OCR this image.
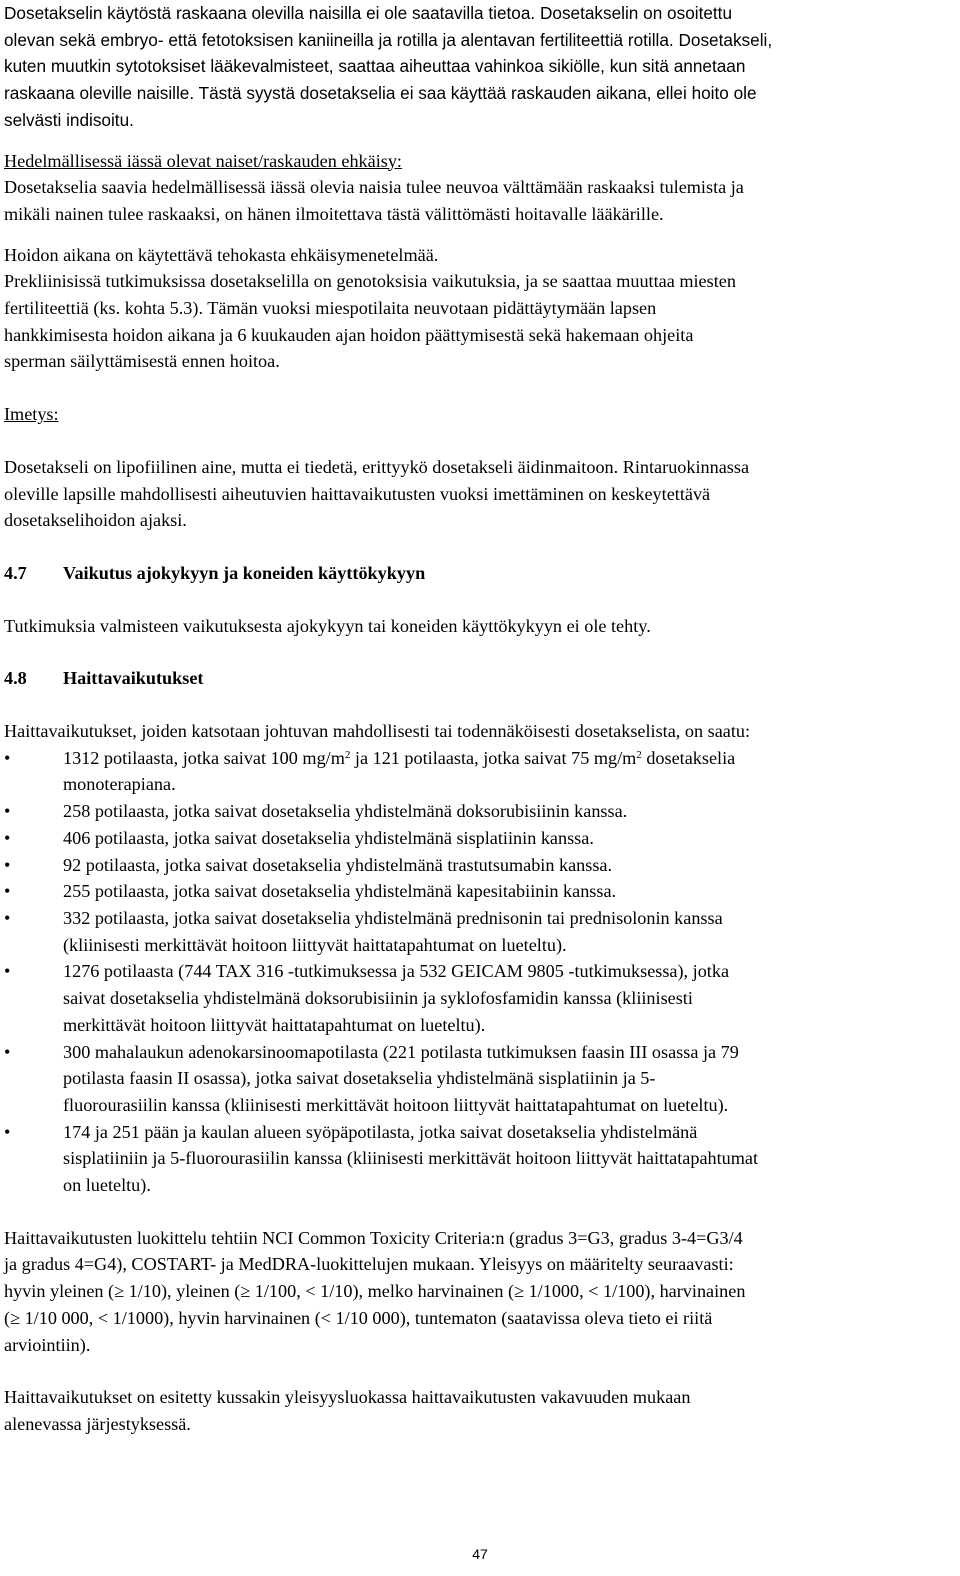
Dosetakselin käytöstä raskaana olevilla naisilla ei ole saatavilla tietoa. Dosetakselin on osoitettu

olevan sekä embryo- että fetotoksisen kaniineilla ja rotilla ja alentavan fertiliteettiä rotilla. Dosetakseli,

kuten muutkin sytotoksiset lääkevalmisteet, saattaa aiheuttaa vahinkoa sikiölle, kun sitä annetaan

raskaana oleville naisille. Tästä syystä dosetakselia ei saa käyttää raskauden aikana, ellei hoito ole

selvästi indisoitu.

Hedelmällisessä iässä olevat naiset/raskauden ehkäisy:

Dosetakselia saavia hedelmällisessä iässä olevia naisia tulee neuvoa välttämään raskaaksi tulemista ja

mikäli nainen tulee raskaaksi, on hänen ilmoitettava tästä välittömästi hoitavalle lääkärille.

Hoidon aikana on käytettävä tehokasta ehkäisymenetelmää.

Prekliinisissä tutkimuksissa dosetakselilla on genotoksisia vaikutuksia, ja se saattaa muuttaa miesten

fertiliteettiä (ks. kohta 5.3). Tämän vuoksi miespotilaita neuvotaan pidättäytymään lapsen

hankkimisesta hoidon aikana ja 6 kuukauden ajan hoidon päättymisestä sekä hakemaan ohjeita

sperman säilyttämisestä ennen hoitoa.

Imetys:

Dosetakseli on lipofiilinen aine, mutta ei tiedetä, erittyykö dosetakseli äidinmaitoon. Rintaruokinnassa

oleville lapsille mahdollisesti aiheutuvien haittavaikutusten vuoksi imettäminen on keskeytettävä

dosetakselihoidon ajaksi.

4.7	Vaikutus ajokykyyn ja koneiden käyttökykyyn

Tutkimuksia valmisteen vaikutuksesta ajokykyyn tai koneiden käyttökykyyn ei ole tehty.

4.8	Haittavaikutukset

Haittavaikutukset, joiden katsotaan johtuvan mahdollisesti tai todennäköisesti dosetakselista, on saatu:

•	1312 potilaasta, jotka saivat 100 $mg/m^2$ ja 121 potilaasta, jotka saivat 75 $mg/m^2$ dosetakselia
monoterapiana.
•	258 potilaasta, jotka saivat dosetakselia yhdistelmänä doksorubisiinin kanssa.
•	406 potilaasta, jotka saivat dosetakselia yhdistelmänä sisplatiinin kanssa.
•	92 potilaasta, jotka saivat dosetakselia yhdistelmänä trastutsumabin kanssa.
•	255 potilaasta, jotka saivat dosetakselia yhdistelmänä kapesitabiinin kanssa.
•	332 potilaasta, jotka saivat dosetakselia yhdistelmänä prednisonin tai prednisolonin kanssa
(kliinisesti merkittävät hoitoon liittyvät haittatapahtumat on lueteltu).
•	1276 potilaasta (744 TAX 316 -tutkimuksessa ja 532 GEICAM 9805 -tutkimuksessa), jotka
saivat dosetakselia yhdistelmänä doksorubisiinin ja syklofosfamidin kanssa (kliinisesti
merkittävät hoitoon liittyvät haittatapahtumat on lueteltu).
•	300 mahalaukun adenokarsinoomapotilasta (221 potilasta tutkimuksen faasin III osassa ja 79
potilasta faasin II osassa), jotka saivat dosetakselia yhdistelmänä sisplatiinin ja 5-
fluorourasiilin kanssa (kliinisesti merkittävät hoitoon liittyvät haittatapahtumat on lueteltu).
•	174 ja 251 pään ja kaulan alueen syöpäpotilasta, jotka saivat dosetakselia yhdistelmänä
sisplatiiniin ja 5-fluorourasiilin kanssa (kliinisesti merkittävät hoitoon liittyvät haittatapahtumat
on lueteltu).

Haittavaikutusten luokittelu tehtiin NCI Common Toxicity Criteria:n (gradus 3=G3, gradus 3-4=G3/4

ja gradus 4=G4), COSTART- ja MedDRA-luokittelujen mukaan. Yleisyys on määritelty seuraavasti:

hyvin yleinen (≥ 1/10), yleinen (≥ 1/100, < 1/10), melko harvinainen (≥ 1/1000, < 1/100), harvinainen

(≥ 1/10 000, < 1/1000), hyvin harvinainen (< 1/10 000), tuntematon (saatavissa oleva tieto ei riitä

arviointiin).

Haittavaikutukset on esitetty kussakin yleisyysluokassa haittavaikutusten vakavuuden mukaan

alenevassa järjestyksessä.

47
